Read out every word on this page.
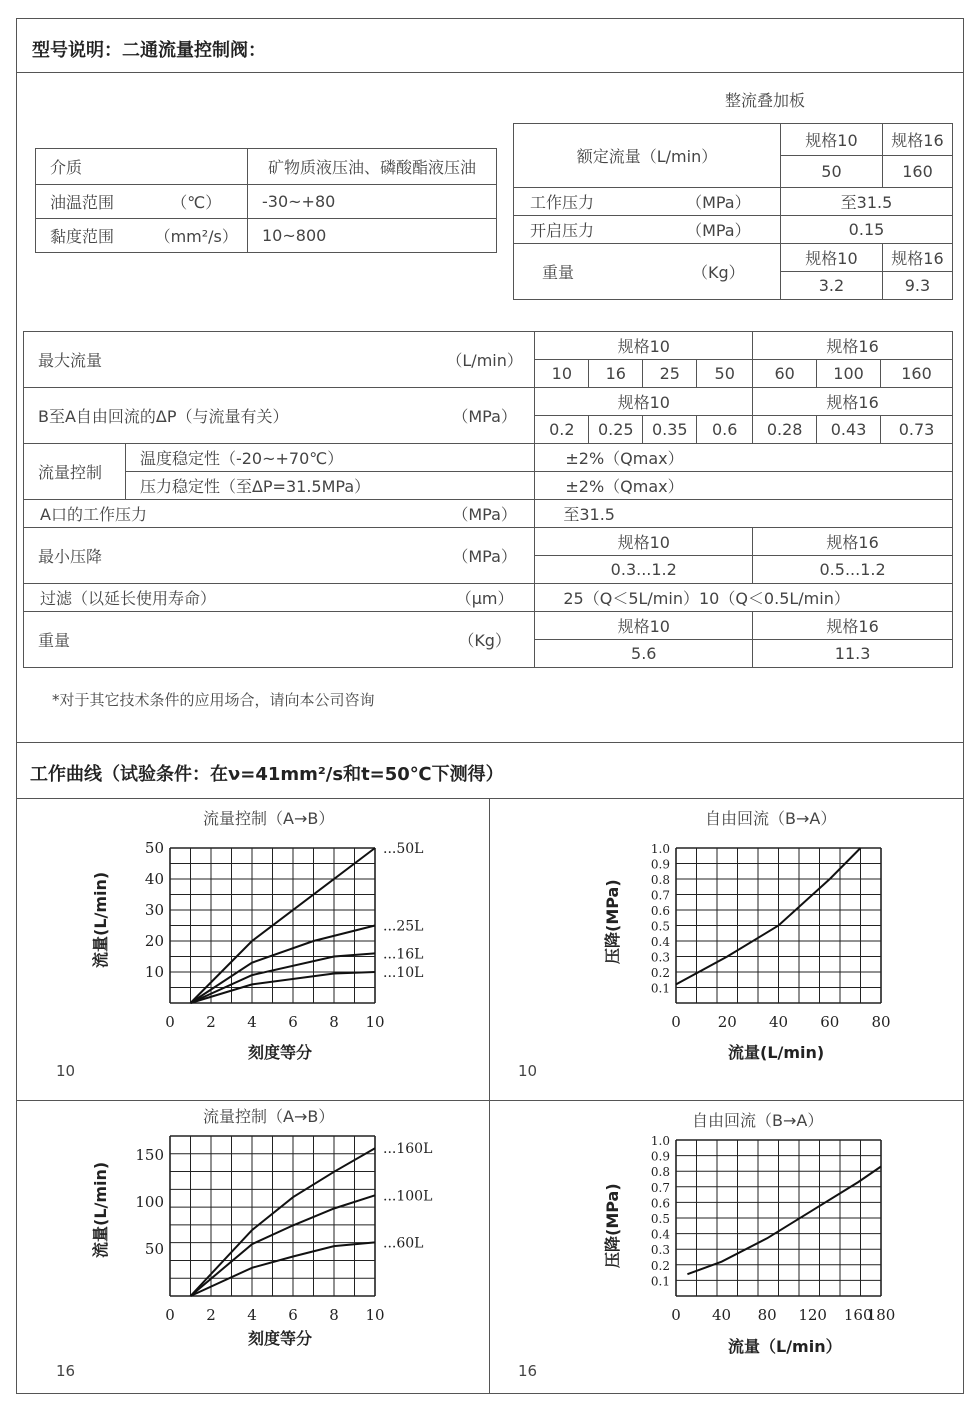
型号说明：二通流量控制阀：
介质		矿物质液压油、磷酸酯液压油
油温范围	（℃）	-30~+80
黏度范围	（mm²/s）	10~800
整流叠加板
额定流量（L/min）		规格10	规格16
		50	160
工作压力	（MPa）	至31.5	
开启压力	（MPa）	0.15	
重量	（Kg）	规格10	规格16
		3.2	9.3
最大流量		（L/min）	规格10				规格16		
			10	16	25	50	60	100	160
B至A自由回流的ΔP（与流量有关）		（MPa）	规格10				规格16		
			0.2	0.25	0.35	0.6	0.28	0.43	0.73
流量控制	温度稳定性（-20~+70℃）		±2%（Qmax）						
	压力稳定性（至ΔP=31.5MPa）		±2%（Qmax）						
A口的工作压力		（MPa）	至31.5						
最小压降		（MPa）	规格10				规格16		
			0.3...1.2				0.5...1.2		
过滤（以延长使用寿命）		（μm）	25（Q＜5L/min）10（Q＜0.5L/min）						
重量		（Kg）	规格10				规格16		
			5.6				11.3		
*对于其它技术条件的应用场合，请向本公司咨询
工作曲线（试验条件：在ν=41mm²/s和t=50℃下测得）
流量控制（A→B）
流量(L/min)
刻度等分
10
0 2 4 6 8 10
10
20
30
40
50	...50L
...25L
...16L
...10L
0 20 40 60 80
0.1
0.2
0.3
0.4
0.5
0.6
0.7
0.8
0.9
1.0
0 2 4 6 8 10
50
100
150	...160L
...100L
...60L
0 40 80 120 160
180
0.1
0.2
0.3
0.4
0.5
0.6
0.7
0.8
0.9
1.0
自由回流（B→A）
压降(MPa)
流量(L/min)
10
流量控制（A→B）
流量(L/min)
刻度等分
16
自由回流（B→A）
压降(MPa)
流量（L/min）
16
